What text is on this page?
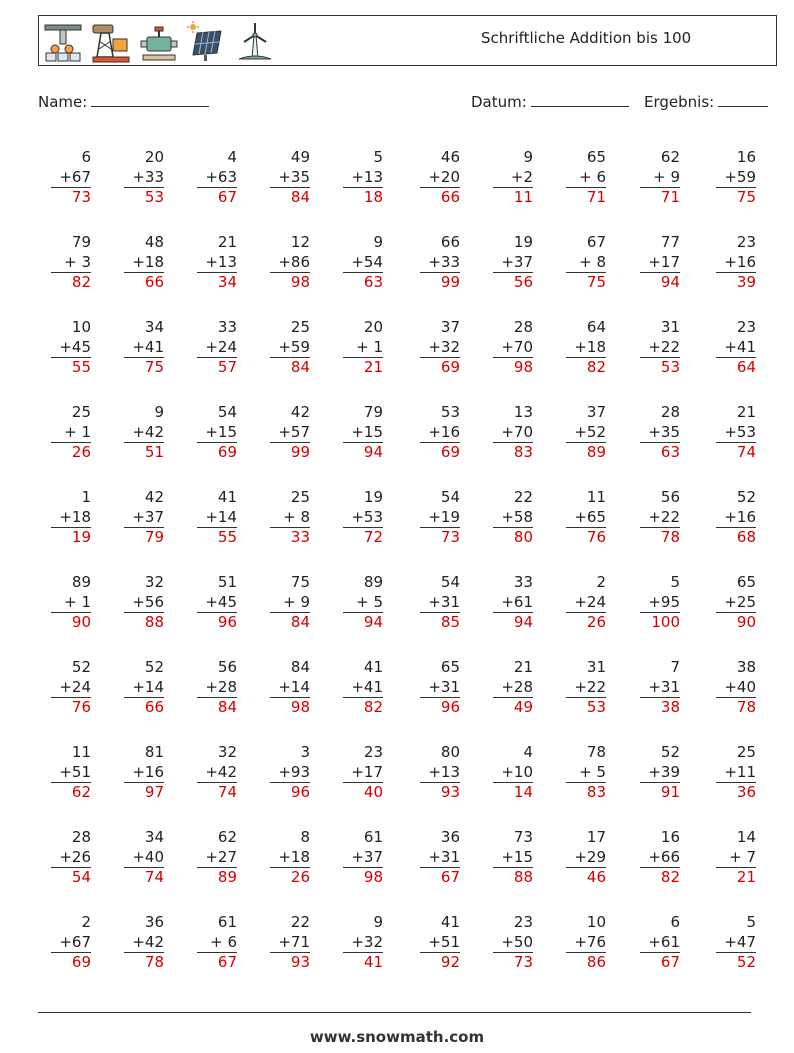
Schriftliche Addition bis 100
Name:	Datum:	Ergebnis:
6
+67
73
20
+33
53
4
+63
67
49
+35
84
5
+13
18
46
+20
66
9
+2
11
65
+ 6
71
62
+ 9
71
16
+59
75
79
+ 3
82
48
+18
66
21
+13
34
12
+86
98
9
+54
63
66
+33
99
19
+37
56
67
+ 8
75
77
+17
94
23
+16
39
10
+45
55
34
+41
75
33
+24
57
25
+59
84
20
+ 1
21
37
+32
69
28
+70
98
64
+18
82
31
+22
53
23
+41
64
25
+ 1
26
9
+42
51
54
+15
69
42
+57
99
79
+15
94
53
+16
69
13
+70
83
37
+52
89
28
+35
63
21
+53
74
1
+18
19
42
+37
79
41
+14
55
25
+ 8
33
19
+53
72
54
+19
73
22
+58
80
11
+65
76
56
+22
78
52
+16
68
89
+ 1
90
32
+56
88
51
+45
96
75
+ 9
84
89
+ 5
94
54
+31
85
33
+61
94
2
+24
26
5
+95
100
65
+25
90
52
+24
76
52
+14
66
56
+28
84
84
+14
98
41
+41
82
65
+31
96
21
+28
49
31
+22
53
7
+31
38
38
+40
78
11
+51
62
81
+16
97
32
+42
74
3
+93
96
23
+17
40
80
+13
93
4
+10
14
78
+ 5
83
52
+39
91
25
+11
36
28
+26
54
34
+40
74
62
+27
89
8
+18
26
61
+37
98
36
+31
67
73
+15
88
17
+29
46
16
+66
82
14
+ 7
21
2
+67
69
36
+42
78
61
+ 6
67
22
+71
93
9
+32
41
41
+51
92
23
+50
73
10
+76
86
6
+61
67
5
+47
52
www.snowmath.com
